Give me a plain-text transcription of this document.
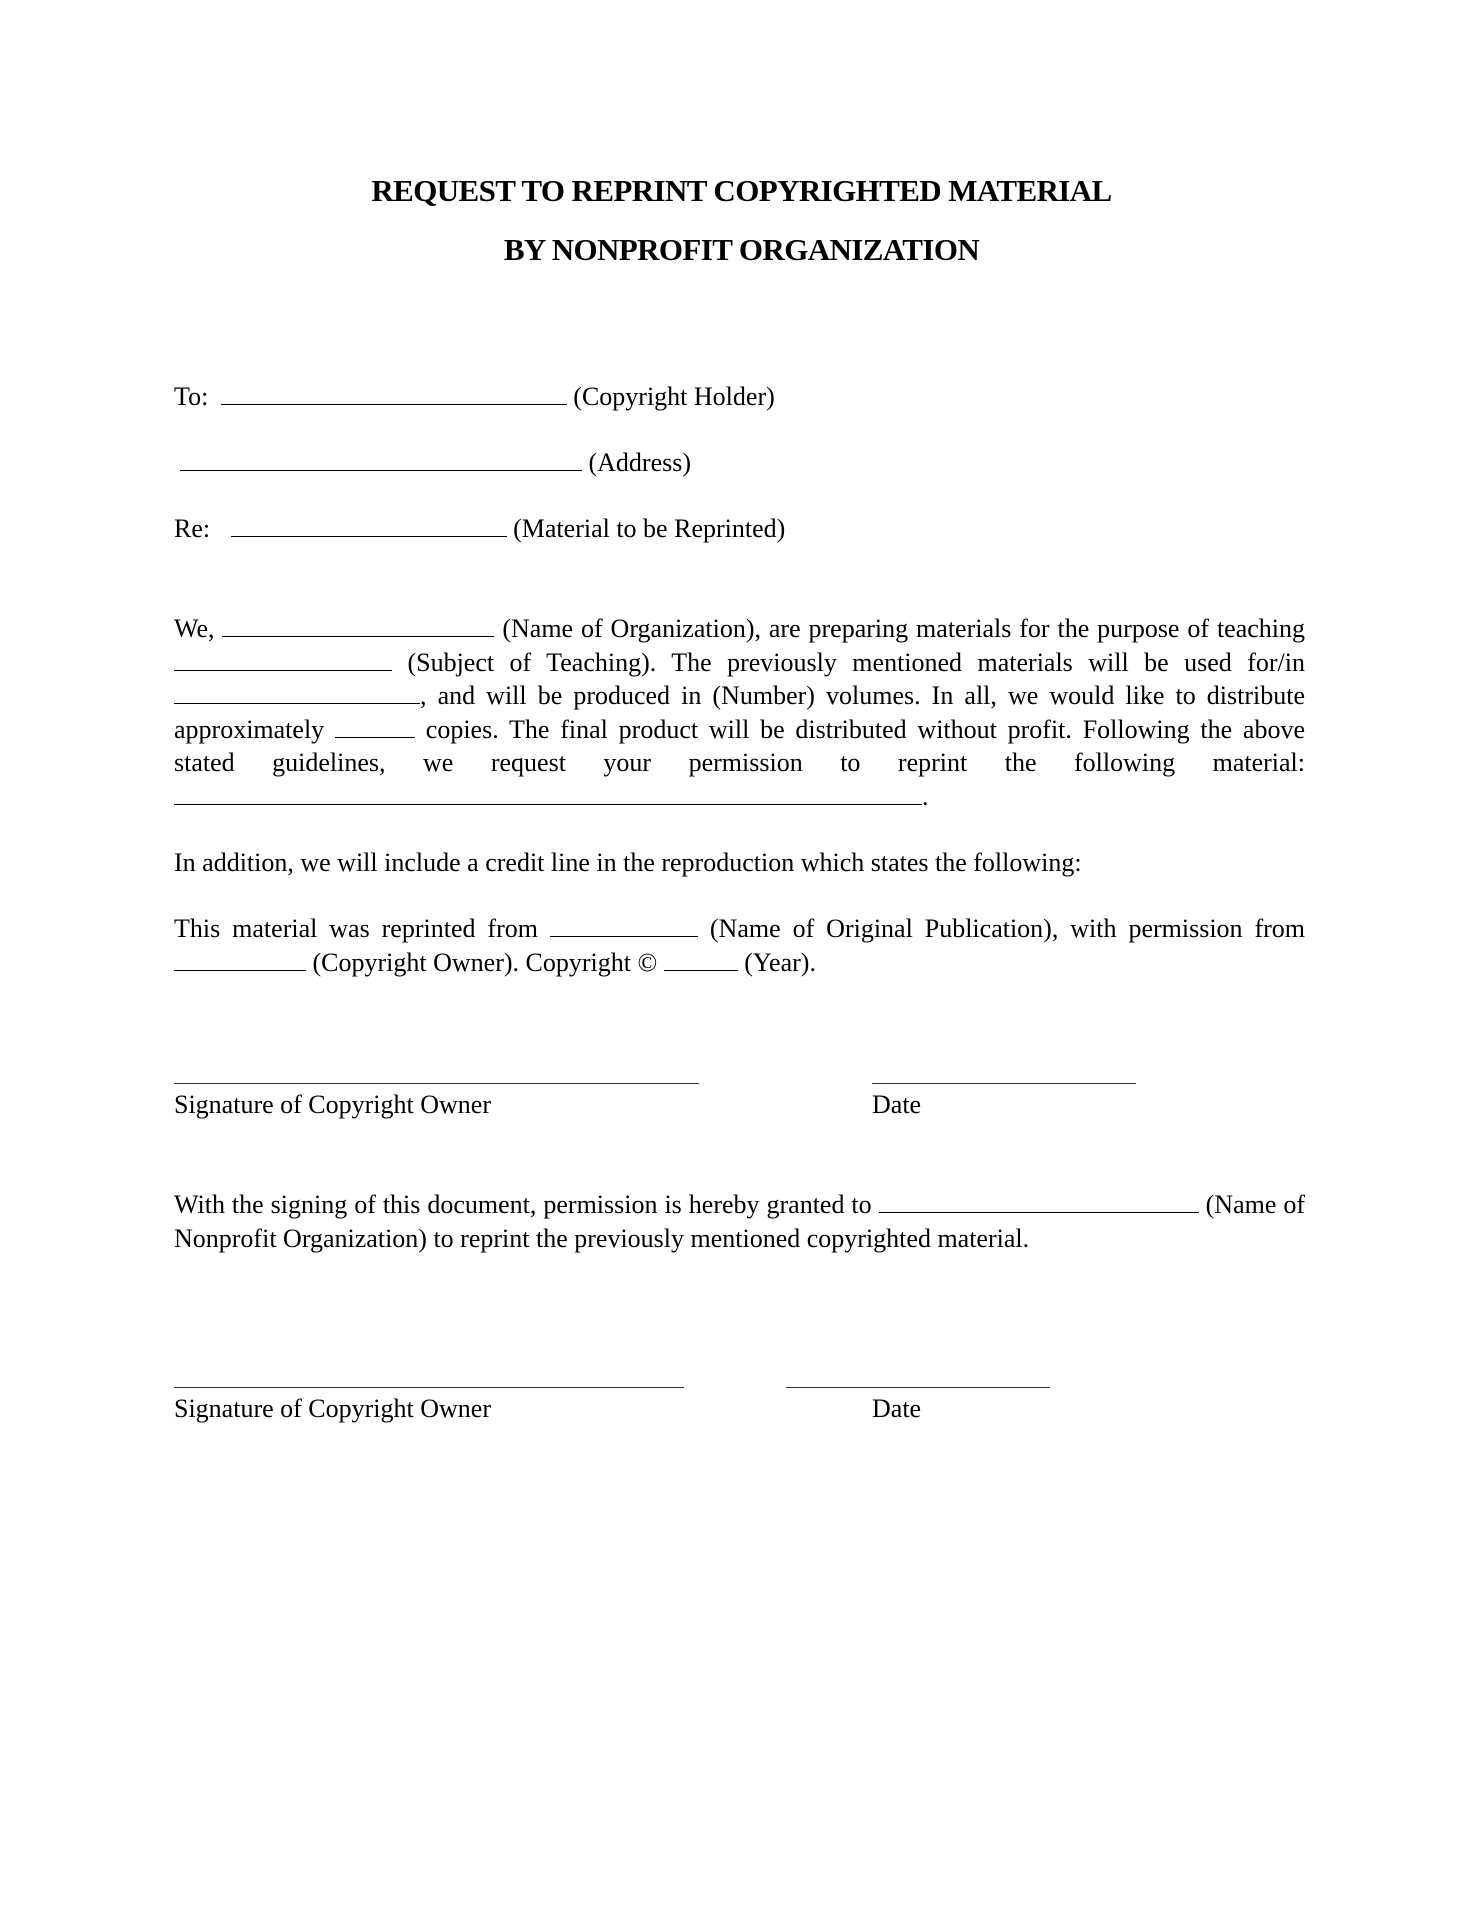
REQUEST TO REPRINT COPYRIGHTED MATERIAL
BY NONPROFIT ORGANIZATION
To:	(Copyright Holder)
(Address)
Re:	(Material to be Reprinted)
We,	(Name of Organization), are preparing materials for the purpose of teaching  (Subject of Teaching). The previously mentioned materials will be used for/in , and will be produced in (Number) volumes. In all, we would like to distribute approximately	copies. The final product will be distributed without profit. Following the above stated guidelines, we request your permission to reprint the following material: .
In addition, we will include a credit line in the reproduction which states the following:
This material was reprinted from	(Name of Original Publication), with permission from  (Copyright Owner). Copyright ©	(Year).
Signature of Copyright Owner	Date
With the signing of this document, permission is hereby granted to	(Name of Nonprofit Organization) to reprint the previously mentioned copyrighted material.
Signature of Copyright Owner	Date
